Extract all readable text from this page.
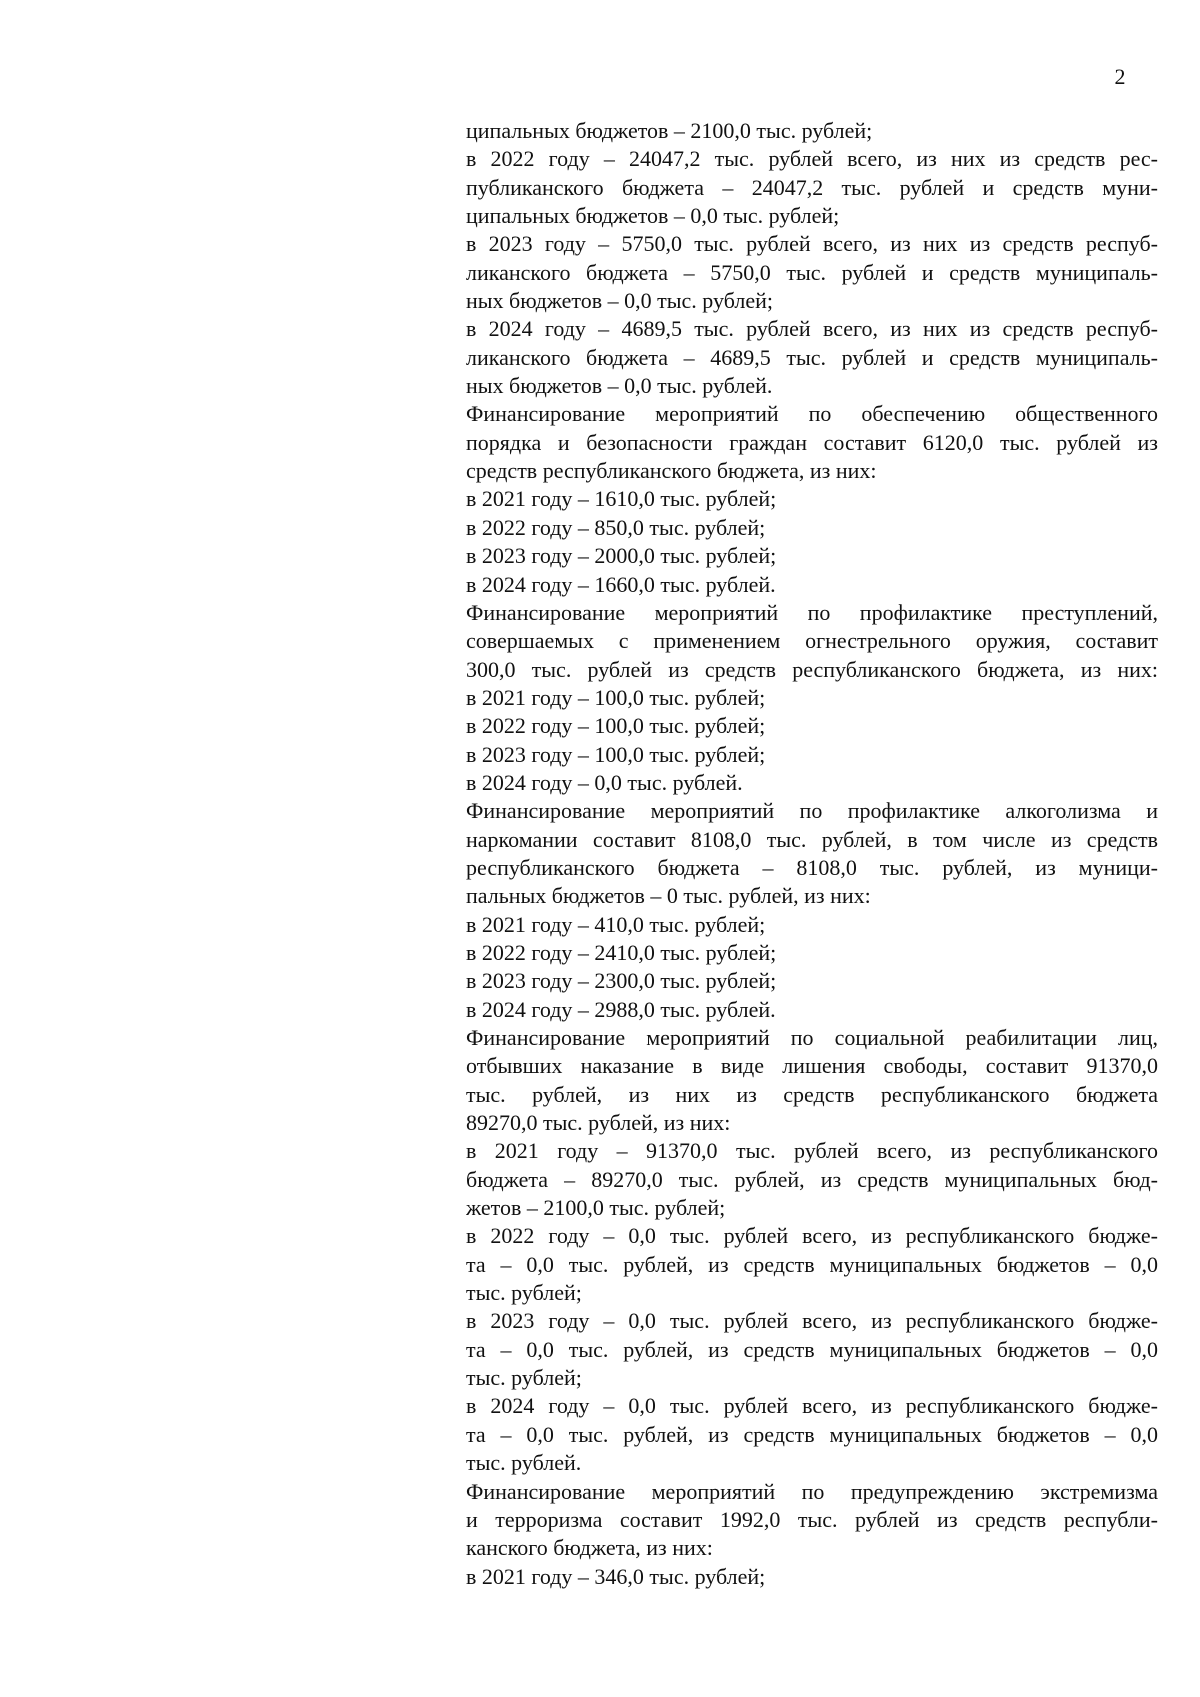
2
ципальных бюджетов – 2100,0 тыс. рублей;
в 2022 году – 24047,2 тыс. рублей всего, из них из средств рес-
публиканского бюджета – 24047,2 тыс. рублей и средств муни-
ципальных бюджетов – 0,0 тыс. рублей;
в 2023 году – 5750,0 тыс. рублей всего, из них из средств респуб-
ликанского бюджета – 5750,0 тыс. рублей и средств муниципаль-
ных бюджетов – 0,0 тыс. рублей;
в 2024 году – 4689,5 тыс. рублей всего, из них из средств респуб-
ликанского бюджета – 4689,5 тыс. рублей и средств муниципаль-
ных бюджетов – 0,0 тыс. рублей.
Финансирование мероприятий по обеспечению общественного
порядка и безопасности граждан составит 6120,0 тыс. рублей из
средств республиканского бюджета, из них:
в 2021 году – 1610,0 тыс. рублей;
в 2022 году – 850,0 тыс. рублей;
в 2023 году – 2000,0 тыс. рублей;
в 2024 году – 1660,0 тыс. рублей.
Финансирование мероприятий по профилактике преступлений,
совершаемых с применением огнестрельного оружия, составит
300,0 тыс. рублей из средств республиканского бюджета, из них:
в 2021 году – 100,0 тыс. рублей;
в 2022 году – 100,0 тыс. рублей;
в 2023 году – 100,0 тыс. рублей;
в 2024 году – 0,0 тыс. рублей.
Финансирование мероприятий по профилактике алкоголизма и
наркомании составит 8108,0 тыс. рублей, в том числе из средств
республиканского бюджета – 8108,0 тыс. рублей, из муници-
пальных бюджетов – 0 тыс. рублей, из них:
в 2021 году – 410,0 тыс. рублей;
в 2022 году – 2410,0 тыс. рублей;
в 2023 году – 2300,0 тыс. рублей;
в 2024 году – 2988,0 тыс. рублей.
Финансирование мероприятий по социальной реабилитации лиц,
отбывших наказание в виде лишения свободы, составит 91370,0
тыс. рублей, из них из средств республиканского бюджета
89270,0 тыс. рублей, из них:
в 2021 году – 91370,0 тыс. рублей всего, из республиканского
бюджета – 89270,0 тыс. рублей, из средств муниципальных бюд-
жетов – 2100,0 тыс. рублей;
в 2022 году – 0,0 тыс. рублей всего, из республиканского бюдже-
та – 0,0 тыс. рублей, из средств муниципальных бюджетов – 0,0
тыс. рублей;
в 2023 году – 0,0 тыс. рублей всего, из республиканского бюдже-
та – 0,0 тыс. рублей, из средств муниципальных бюджетов – 0,0
тыс. рублей;
в 2024 году – 0,0 тыс. рублей всего, из республиканского бюдже-
та – 0,0 тыс. рублей, из средств муниципальных бюджетов – 0,0
тыс. рублей.
Финансирование мероприятий по предупреждению экстремизма
и терроризма составит 1992,0 тыс. рублей из средств республи-
канского бюджета, из них:
в 2021 году – 346,0 тыс. рублей;
